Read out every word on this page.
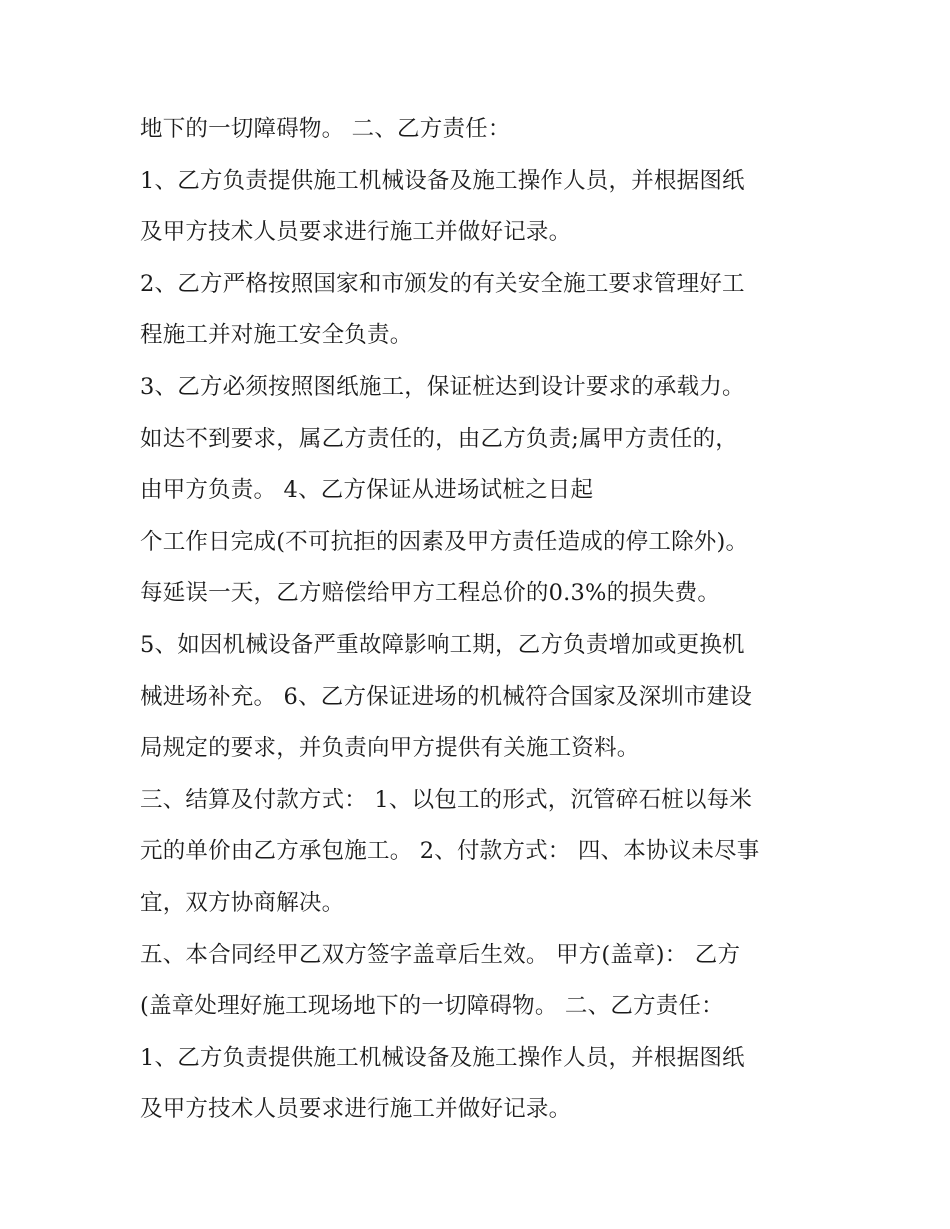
地下的一切障碍物。 二、乙方责任：
1、乙方负责提供施工机械设备及施工操作人员，并根据图纸
及甲方技术人员要求进行施工并做好记录。
2、乙方严格按照国家和市颁发的有关安全施工要求管理好工
程施工并对施工安全负责。
3、乙方必须按照图纸施工，保证桩达到设计要求的承载力。
如达不到要求，属乙方责任的，由乙方负责;属甲方责任的，
由甲方负责。 4、乙方保证从进场试桩之日起
个工作日完成(不可抗拒的因素及甲方责任造成的停工除外)。
每延误一天，乙方赔偿给甲方工程总价的0.3%的损失费。
5、如因机械设备严重故障影响工期，乙方负责增加或更换机
械进场补充。 6、乙方保证进场的机械符合国家及深圳市建设
局规定的要求，并负责向甲方提供有关施工资料。
三、结算及付款方式： 1、以包工的形式，沉管碎石桩以每米
元的单价由乙方承包施工。 2、付款方式： 四、本协议未尽事
宜，双方协商解决。
五、本合同经甲乙双方签字盖章后生效。 甲方(盖章)： 乙方
(盖章处理好施工现场地下的一切障碍物。 二、乙方责任：
1、乙方负责提供施工机械设备及施工操作人员，并根据图纸
及甲方技术人员要求进行施工并做好记录。
